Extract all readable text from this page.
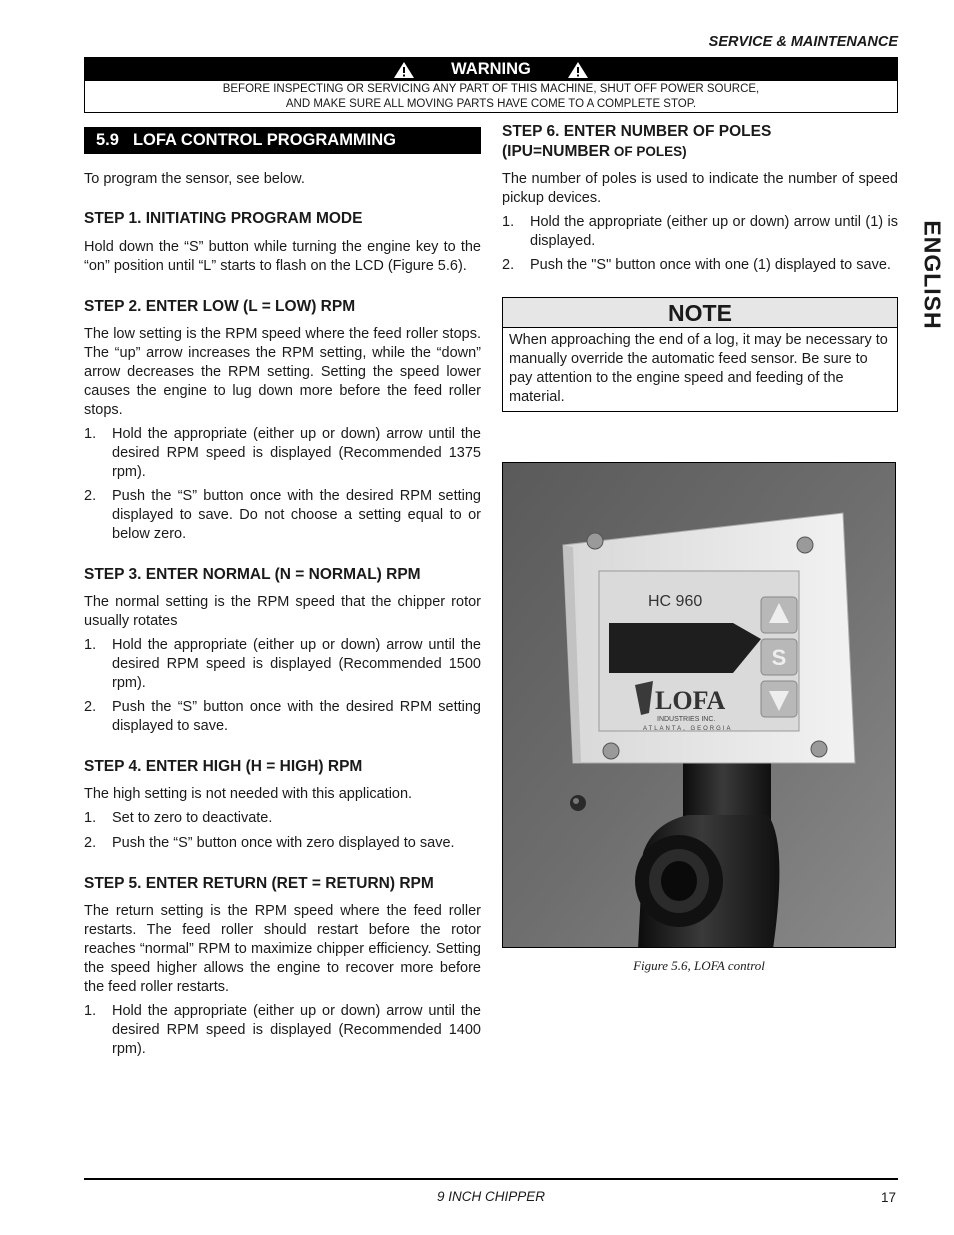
SERVICE & MAINTENANCE
WARNING
BEFORE INSPECTING OR SERVICING ANY PART OF THIS MACHINE, SHUT OFF POWER SOURCE,
AND MAKE SURE ALL MOVING PARTS HAVE COME TO A COMPLETE STOP.
5.9 LOFA CONTROL PROGRAMMING

To program the sensor, see below.

STEP 1. INITIATING PROGRAM MODE

Hold down the “S” button while turning the engine key to the “on” position until “L” starts to flash on the LCD (Figure 5.6).

STEP 2. ENTER LOW (L = LOW) RPM

The low setting is the RPM speed where the feed roller stops. The “up” arrow increases the RPM setting, while the “down” arrow decreases the RPM setting. Setting the speed lower causes the engine to lug down more before the feed roller stops.

1. Hold the appropriate (either up or down) arrow until the desired RPM speed is displayed (Recommended 1375 rpm).
2. Push the “S” button once with the desired RPM setting displayed to save. Do not choose a setting equal to or below zero.
STEP 3. ENTER NORMAL (N = NORMAL) RPM

The normal setting is the RPM speed that the chipper rotor usually rotates

1. Hold the appropriate (either up or down) arrow until the desired RPM speed is displayed (Recommended 1500 rpm).
2. Push the “S” button once with the desired RPM setting displayed to save.
STEP 4. ENTER HIGH (H = HIGH) RPM

The high setting is not needed with this application.

1. Set to zero to deactivate.
2. Push the “S” button once with zero displayed to save.
STEP 5. ENTER RETURN (RET = RETURN) RPM

The return setting is the RPM speed where the feed roller restarts. The feed roller should restart before the rotor reaches “normal” RPM to maximize chipper efficiency. Setting the speed higher allows the engine to recover more before the feed roller restarts.

1. Hold the appropriate (either up or down) arrow until the desired RPM speed is displayed (Recommended 1400 rpm).
STEP 6. ENTER NUMBER OF POLES
(IPU=NUMBER OF POLES)

The number of poles is used to indicate the number of speed pickup devices.

1. Hold the appropriate (either up or down) arrow until (1) is displayed.
2. Push the "S" button once with one (1) displayed to save.
NOTE
When approaching the end of a log, it may be necessary to manually override the automatic feed sensor. Be sure to pay attention to the engine speed and feeding of the material.
ENGLISH
HC 960
S
LOFA
INDUSTRIES INC.
ATLANTA, GEORGIA
Figure 5.6, LOFA control
9 INCH CHIPPER	17
